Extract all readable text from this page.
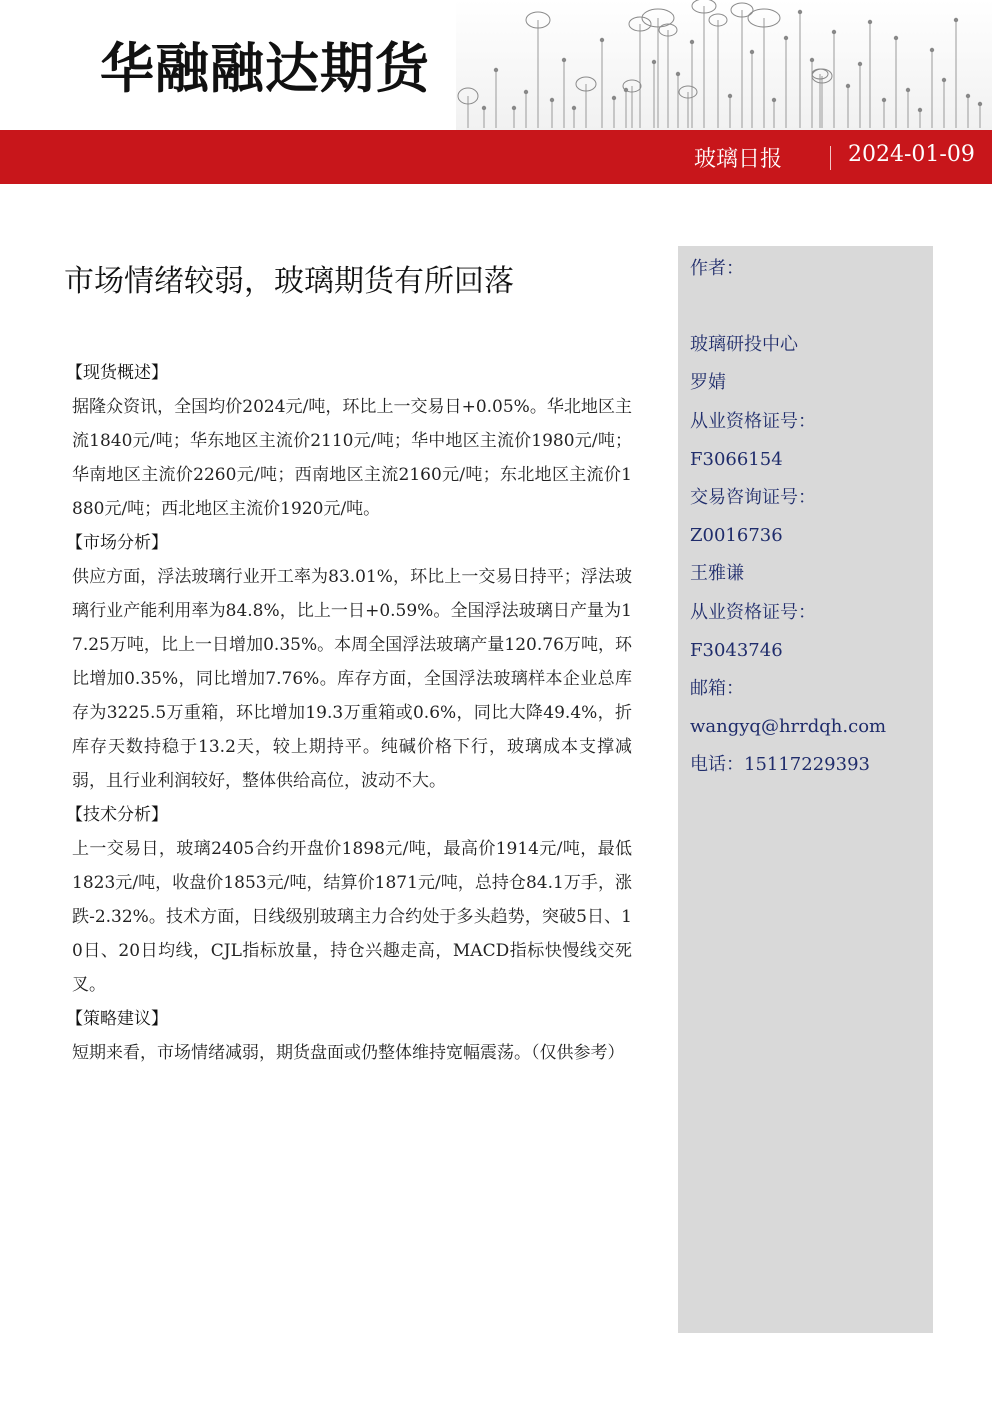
华融融达期货
玻璃日报	2024-01-09
市场情绪较弱，玻璃期货有所回落
【现货概述】
据隆众资讯，全国均价2024元/吨，环比上一交易日+0.05%。华北地区主流1840元/吨；华东地区主流价2110元/吨；华中地区主流价1980元/吨；华南地区主流价2260元/吨；西南地区主流2160元/吨；东北地区主流价1880元/吨；西北地区主流价1920元/吨。
【市场分析】
供应方面，浮法玻璃行业开工率为83.01%，环比上一交易日持平；浮法玻璃行业产能利用率为84.8%，比上一日+0.59%。全国浮法玻璃日产量为17.25万吨，比上一日增加0.35%。本周全国浮法玻璃产量120.76万吨，环比增加0.35%，同比增加7.76%。库存方面，全国浮法玻璃样本企业总库存为3225.5万重箱，环比增加19.3万重箱或0.6%，同比大降49.4%，折库存天数持稳于13.2天，较上期持平。纯碱价格下行，玻璃成本支撑减弱，且行业利润较好，整体供给高位，波动不大。
【技术分析】
上一交易日，玻璃2405合约开盘价1898元/吨，最高价1914元/吨，最低1823元/吨，收盘价1853元/吨，结算价1871元/吨，总持仓84.1万手，涨跌-2.32%。技术方面，日线级别玻璃主力合约处于多头趋势，突破5日、10日、20日均线，CJL指标放量，持仓兴趣走高，MACD指标快慢线交死叉。
【策略建议】
短期来看，市场情绪减弱，期货盘面或仍整体维持宽幅震荡。（仅供参考）
作者：
玻璃研投中心
罗婧
从业资格证号：
F3066154
交易咨询证号：
Z0016736
王雅谦
从业资格证号：
F3043746
邮箱：
wangyq@hrrdqh.com
电话：15117229393
